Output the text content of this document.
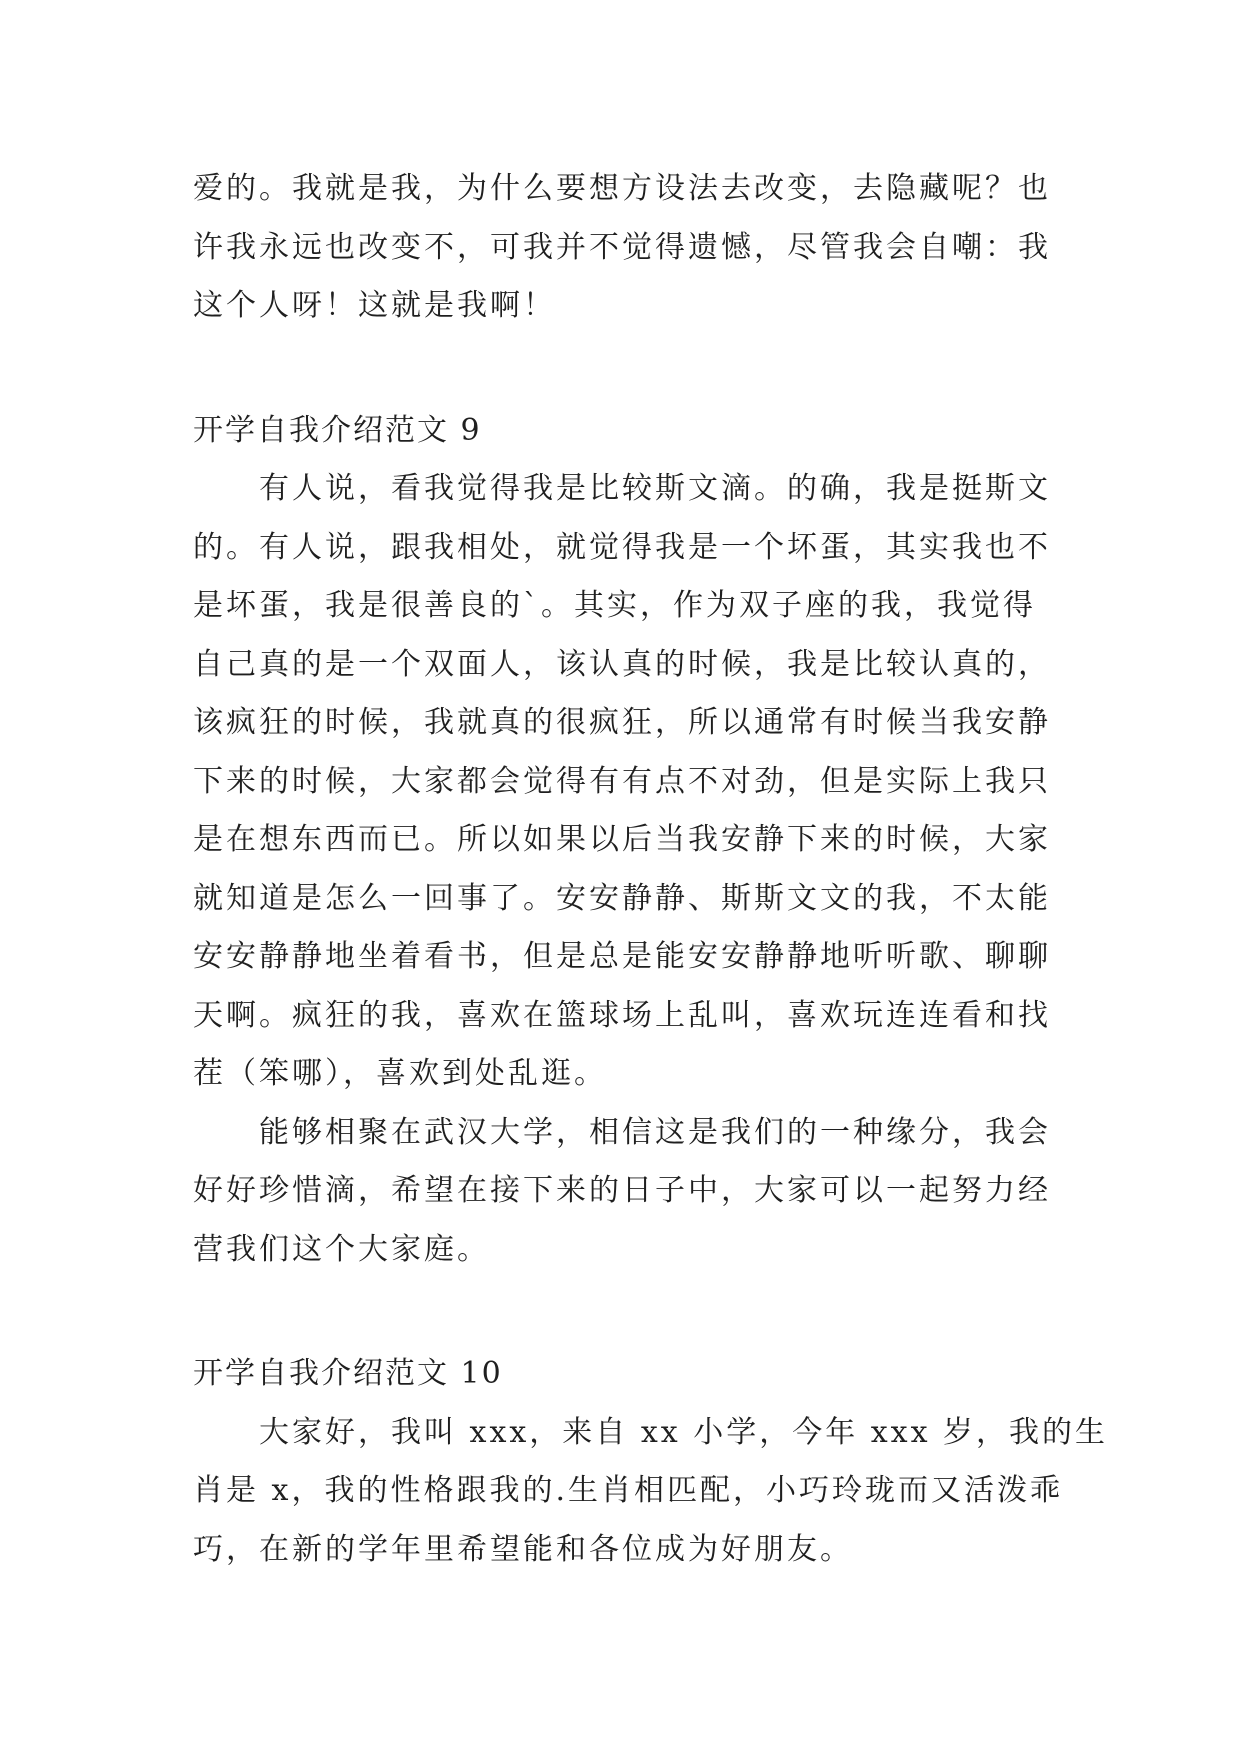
爱的。我就是我，为什么要想方设法去改变，去隐藏呢？也
许我永远也改变不，可我并不觉得遗憾，尽管我会自嘲：我
这个人呀！这就是我啊！
开学自我介绍范文 9
有人说，看我觉得我是比较斯文滴。的确，我是挺斯文
的。有人说，跟我相处，就觉得我是一个坏蛋，其实我也不
是坏蛋，我是很善良的`。其实，作为双子座的我，我觉得
自己真的是一个双面人，该认真的时候，我是比较认真的，
该疯狂的时候，我就真的很疯狂，所以通常有时候当我安静
下来的时候，大家都会觉得有有点不对劲，但是实际上我只
是在想东西而已。所以如果以后当我安静下来的时候，大家
就知道是怎么一回事了。安安静静、斯斯文文的我，不太能
安安静静地坐着看书，但是总是能安安静静地听听歌、聊聊
天啊。疯狂的我，喜欢在篮球场上乱叫，喜欢玩连连看和找
茬（笨哪），喜欢到处乱逛。
能够相聚在武汉大学，相信这是我们的一种缘分，我会
好好珍惜滴，希望在接下来的日子中，大家可以一起努力经
营我们这个大家庭。
开学自我介绍范文 10
大家好，我叫 xxx，来自 xx 小学，今年 xxx 岁，我的生
肖是 x，我的性格跟我的.生肖相匹配，小巧玲珑而又活泼乖
巧，在新的学年里希望能和各位成为好朋友。
